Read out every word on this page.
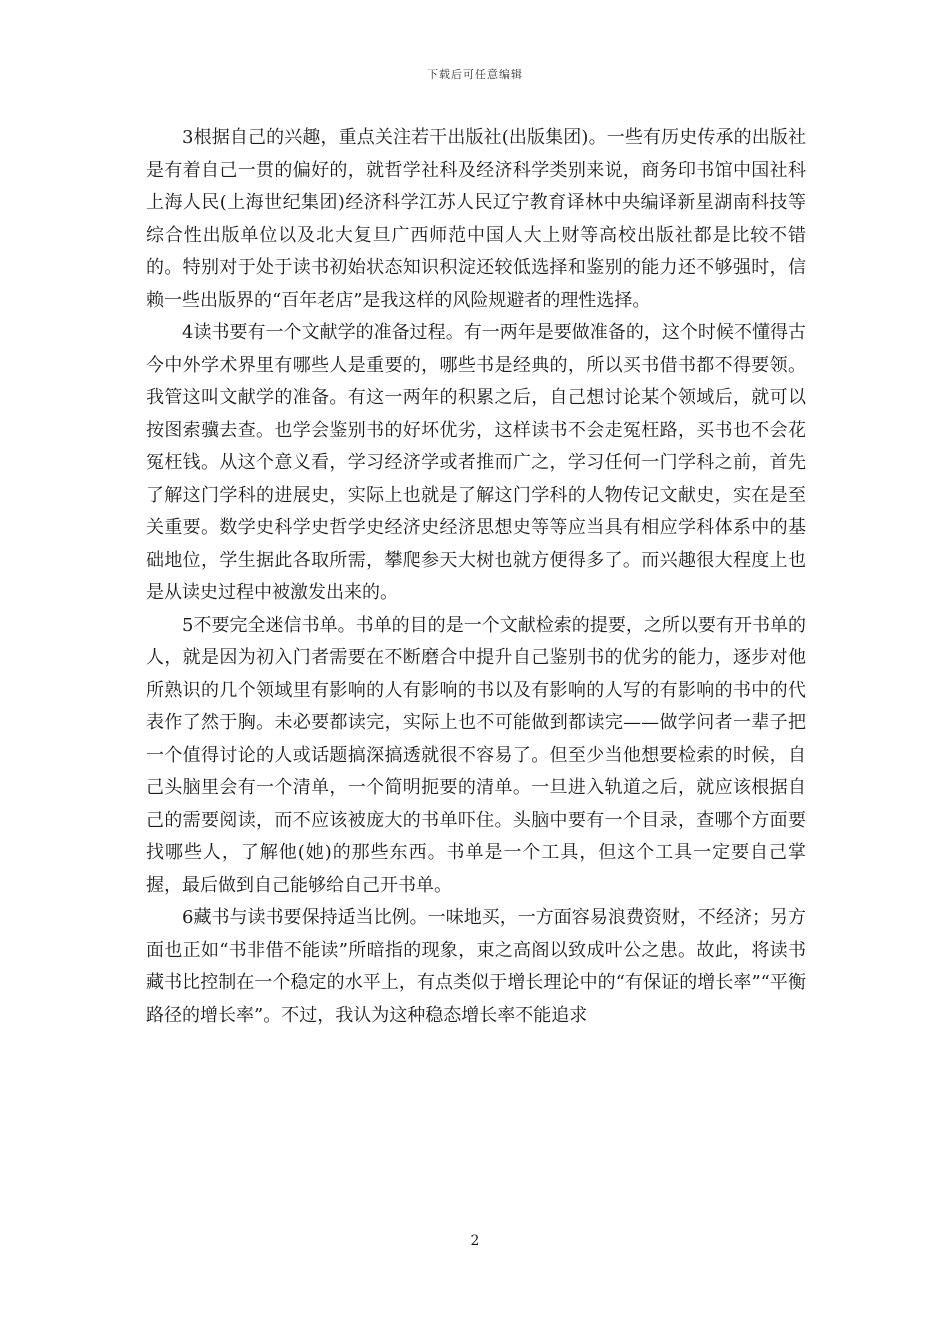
下载后可任意编辑

3根据自己的兴趣，重点关注若干出版社(出版集团)。一些有历史传承的出版社是有着自己一贯的偏好的，就哲学社科及经济科学类别来说，商务印书馆中国社科上海人民(上海世纪集团)经济科学江苏人民辽宁教育译林中央编译新星湖南科技等综合性出版单位以及北大复旦广西师范中国人大上财等高校出版社都是比较不错的。特别对于处于读书初始状态知识积淀还较低选择和鉴别的能力还不够强时，信赖一些出版界的“百年老店”是我这样的风险规避者的理性选择。

4读书要有一个文献学的准备过程。有一两年是要做准备的，这个时候不懂得古今中外学术界里有哪些人是重要的，哪些书是经典的，所以买书借书都不得要领。我管这叫文献学的准备。有这一两年的积累之后，自己想讨论某个领域后，就可以按图索骥去查。也学会鉴别书的好坏优劣，这样读书不会走冤枉路，买书也不会花冤枉钱。从这个意义看，学习经济学或者推而广之，学习任何一门学科之前，首先了解这门学科的进展史，实际上也就是了解这门学科的人物传记文献史，实在是至关重要。数学史科学史哲学史经济史经济思想史等等应当具有相应学科体系中的基础地位，学生据此各取所需，攀爬参天大树也就方便得多了。而兴趣很大程度上也是从读史过程中被激发出来的。

5不要完全迷信书单。书单的目的是一个文献检索的提要，之所以要有开书单的人，就是因为初入门者需要在不断磨合中提升自己鉴别书的优劣的能力，逐步对他所熟识的几个领域里有影响的人有影响的书以及有影响的人写的有影响的书中的代表作了然于胸。未必要都读完，实际上也不可能做到都读完——做学问者一辈子把一个值得讨论的人或话题搞深搞透就很不容易了。但至少当他想要检索的时候，自己头脑里会有一个清单，一个简明扼要的清单。一旦进入轨道之后，就应该根据自己的需要阅读，而不应该被庞大的书单吓住。头脑中要有一个目录，查哪个方面要找哪些人，了解他(她)的那些东西。书单是一个工具，但这个工具一定要自己掌握，最后做到自己能够给自己开书单。

6藏书与读书要保持适当比例。一味地买，一方面容易浪费资财，不经济；另方面也正如“书非借不能读”所暗指的现象，束之高阁以致成叶公之患。故此，将读书藏书比控制在一个稳定的水平上，有点类似于增长理论中的“有保证的增长率”“平衡路径的增长率”。不过，我认为这种稳态增长率不能追求

2
